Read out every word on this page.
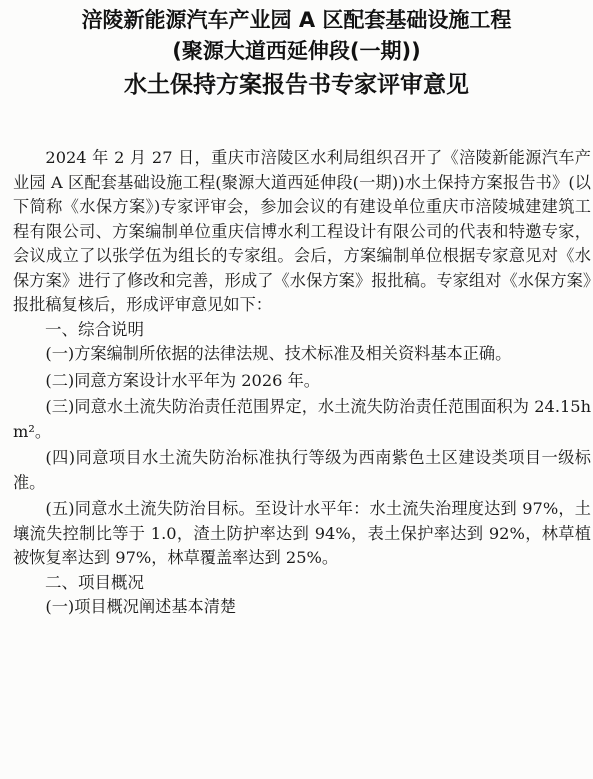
涪陵新能源汽车产业园 A 区配套基础设施工程
(聚源大道西延伸段(一期))
水土保持方案报告书专家评审意见

2024 年 2 月 27 日，重庆市涪陵区水利局组织召开了《涪陵新能源汽车产业园 A 区配套基础设施工程(聚源大道西延伸段(一期))水土保持方案报告书》(以下简称《水保方案》)专家评审会，参加会议的有建设单位重庆市涪陵城建建筑工程有限公司、方案编制单位重庆信博水利工程设计有限公司的代表和特邀专家，会议成立了以张学伍为组长的专家组。会后，方案编制单位根据专家意见对《水保方案》进行了修改和完善，形成了《水保方案》报批稿。专家组对《水保方案》报批稿复核后，形成评审意见如下：

一、综合说明

(一)方案编制所依据的法律法规、技术标准及相关资料基本正确。

(二)同意方案设计水平年为 2026 年。

(三)同意水土流失防治责任范围界定，水土流失防治责任范围面积为 24.15hm²。

(四)同意项目水土流失防治标准执行等级为西南紫色土区建设类项目一级标准。

(五)同意水土流失防治目标。至设计水平年：水土流失治理度达到 97%，土壤流失控制比等于 1.0，渣土防护率达到 94%，表土保护率达到 92%，林草植被恢复率达到 97%，林草覆盖率达到 25%。

二、项目概况

(一)项目概况阐述基本清楚
